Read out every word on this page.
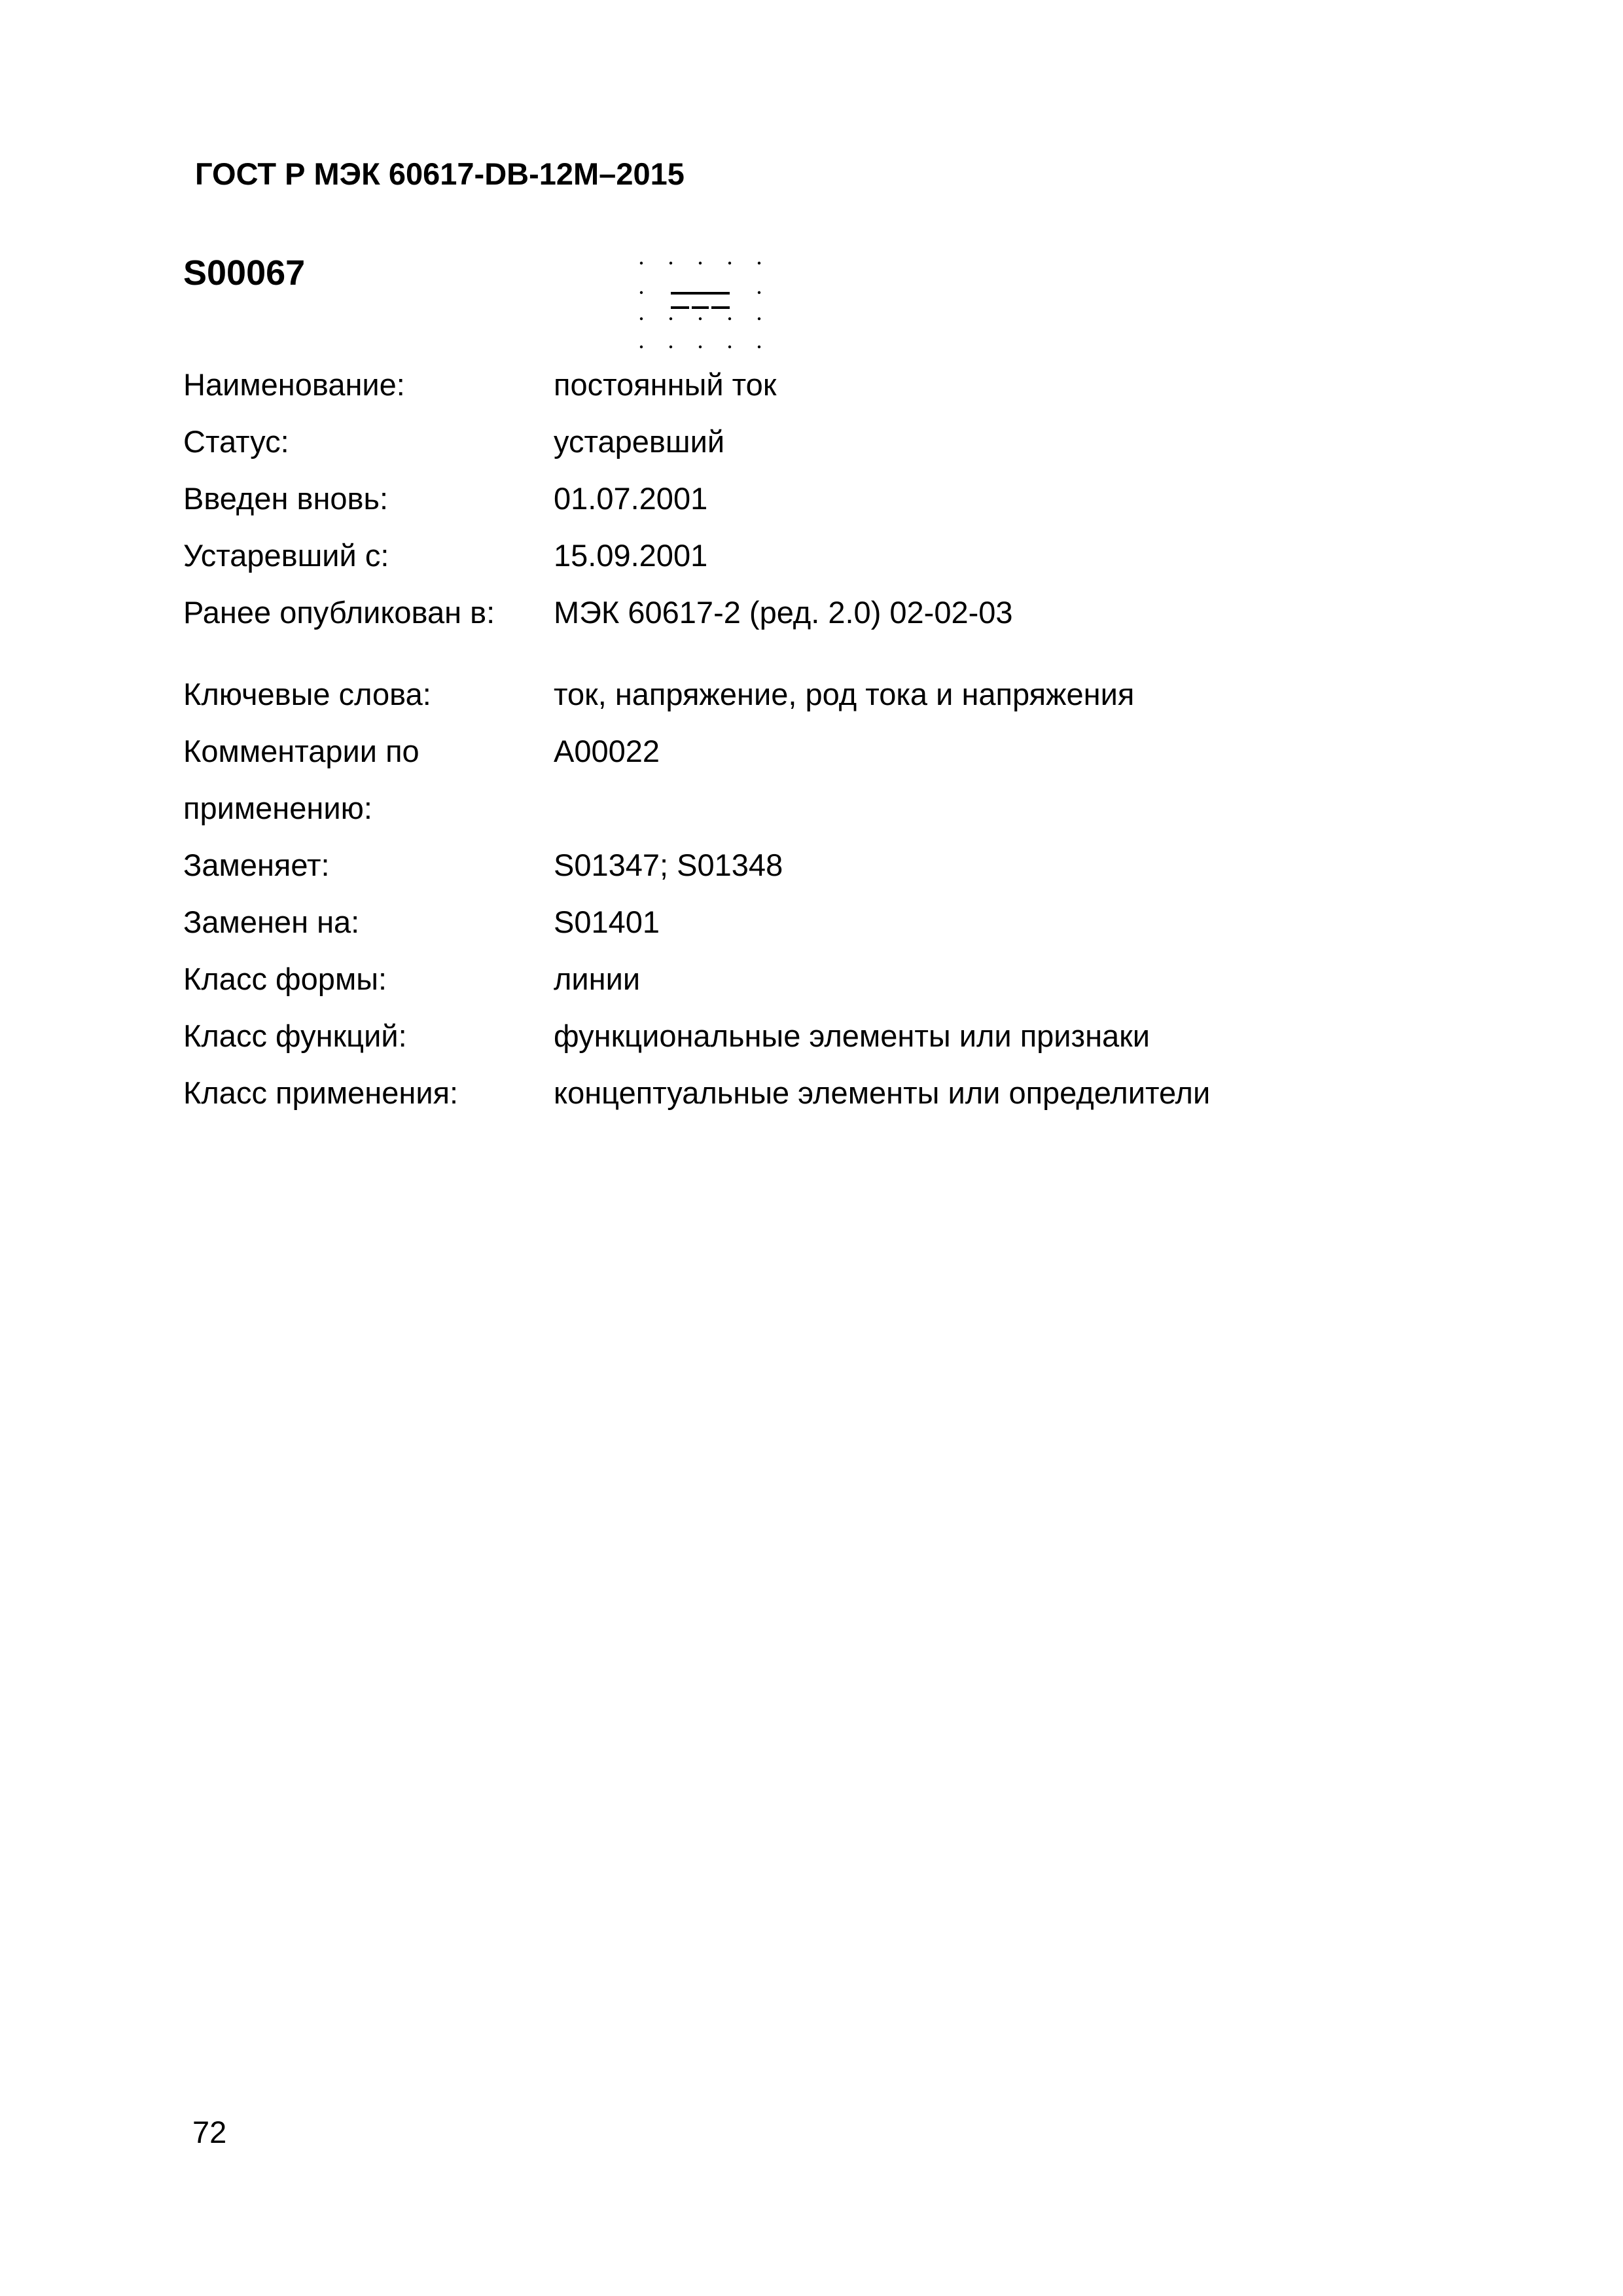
ГОСТ Р МЭК 60617-DB-12M–2015
S00067
Наименование:	постоянный ток
Статус:	устаревший
Введен вновь:	01.07.2001
Устаревший с:	15.09.2001
Ранее опубликован в:	МЭК 60617-2 (ред. 2.0) 02-02-03
Ключевые слова:	ток, напряжение, род тока и напряжения
Комментарии по применению:
A00022
Заменяет:	S01347; S01348
Заменен на:	S01401
Класс формы:	линии
Класс функций:	функциональные элементы или признаки
Класс применения:	концептуальные элементы или определители
72
